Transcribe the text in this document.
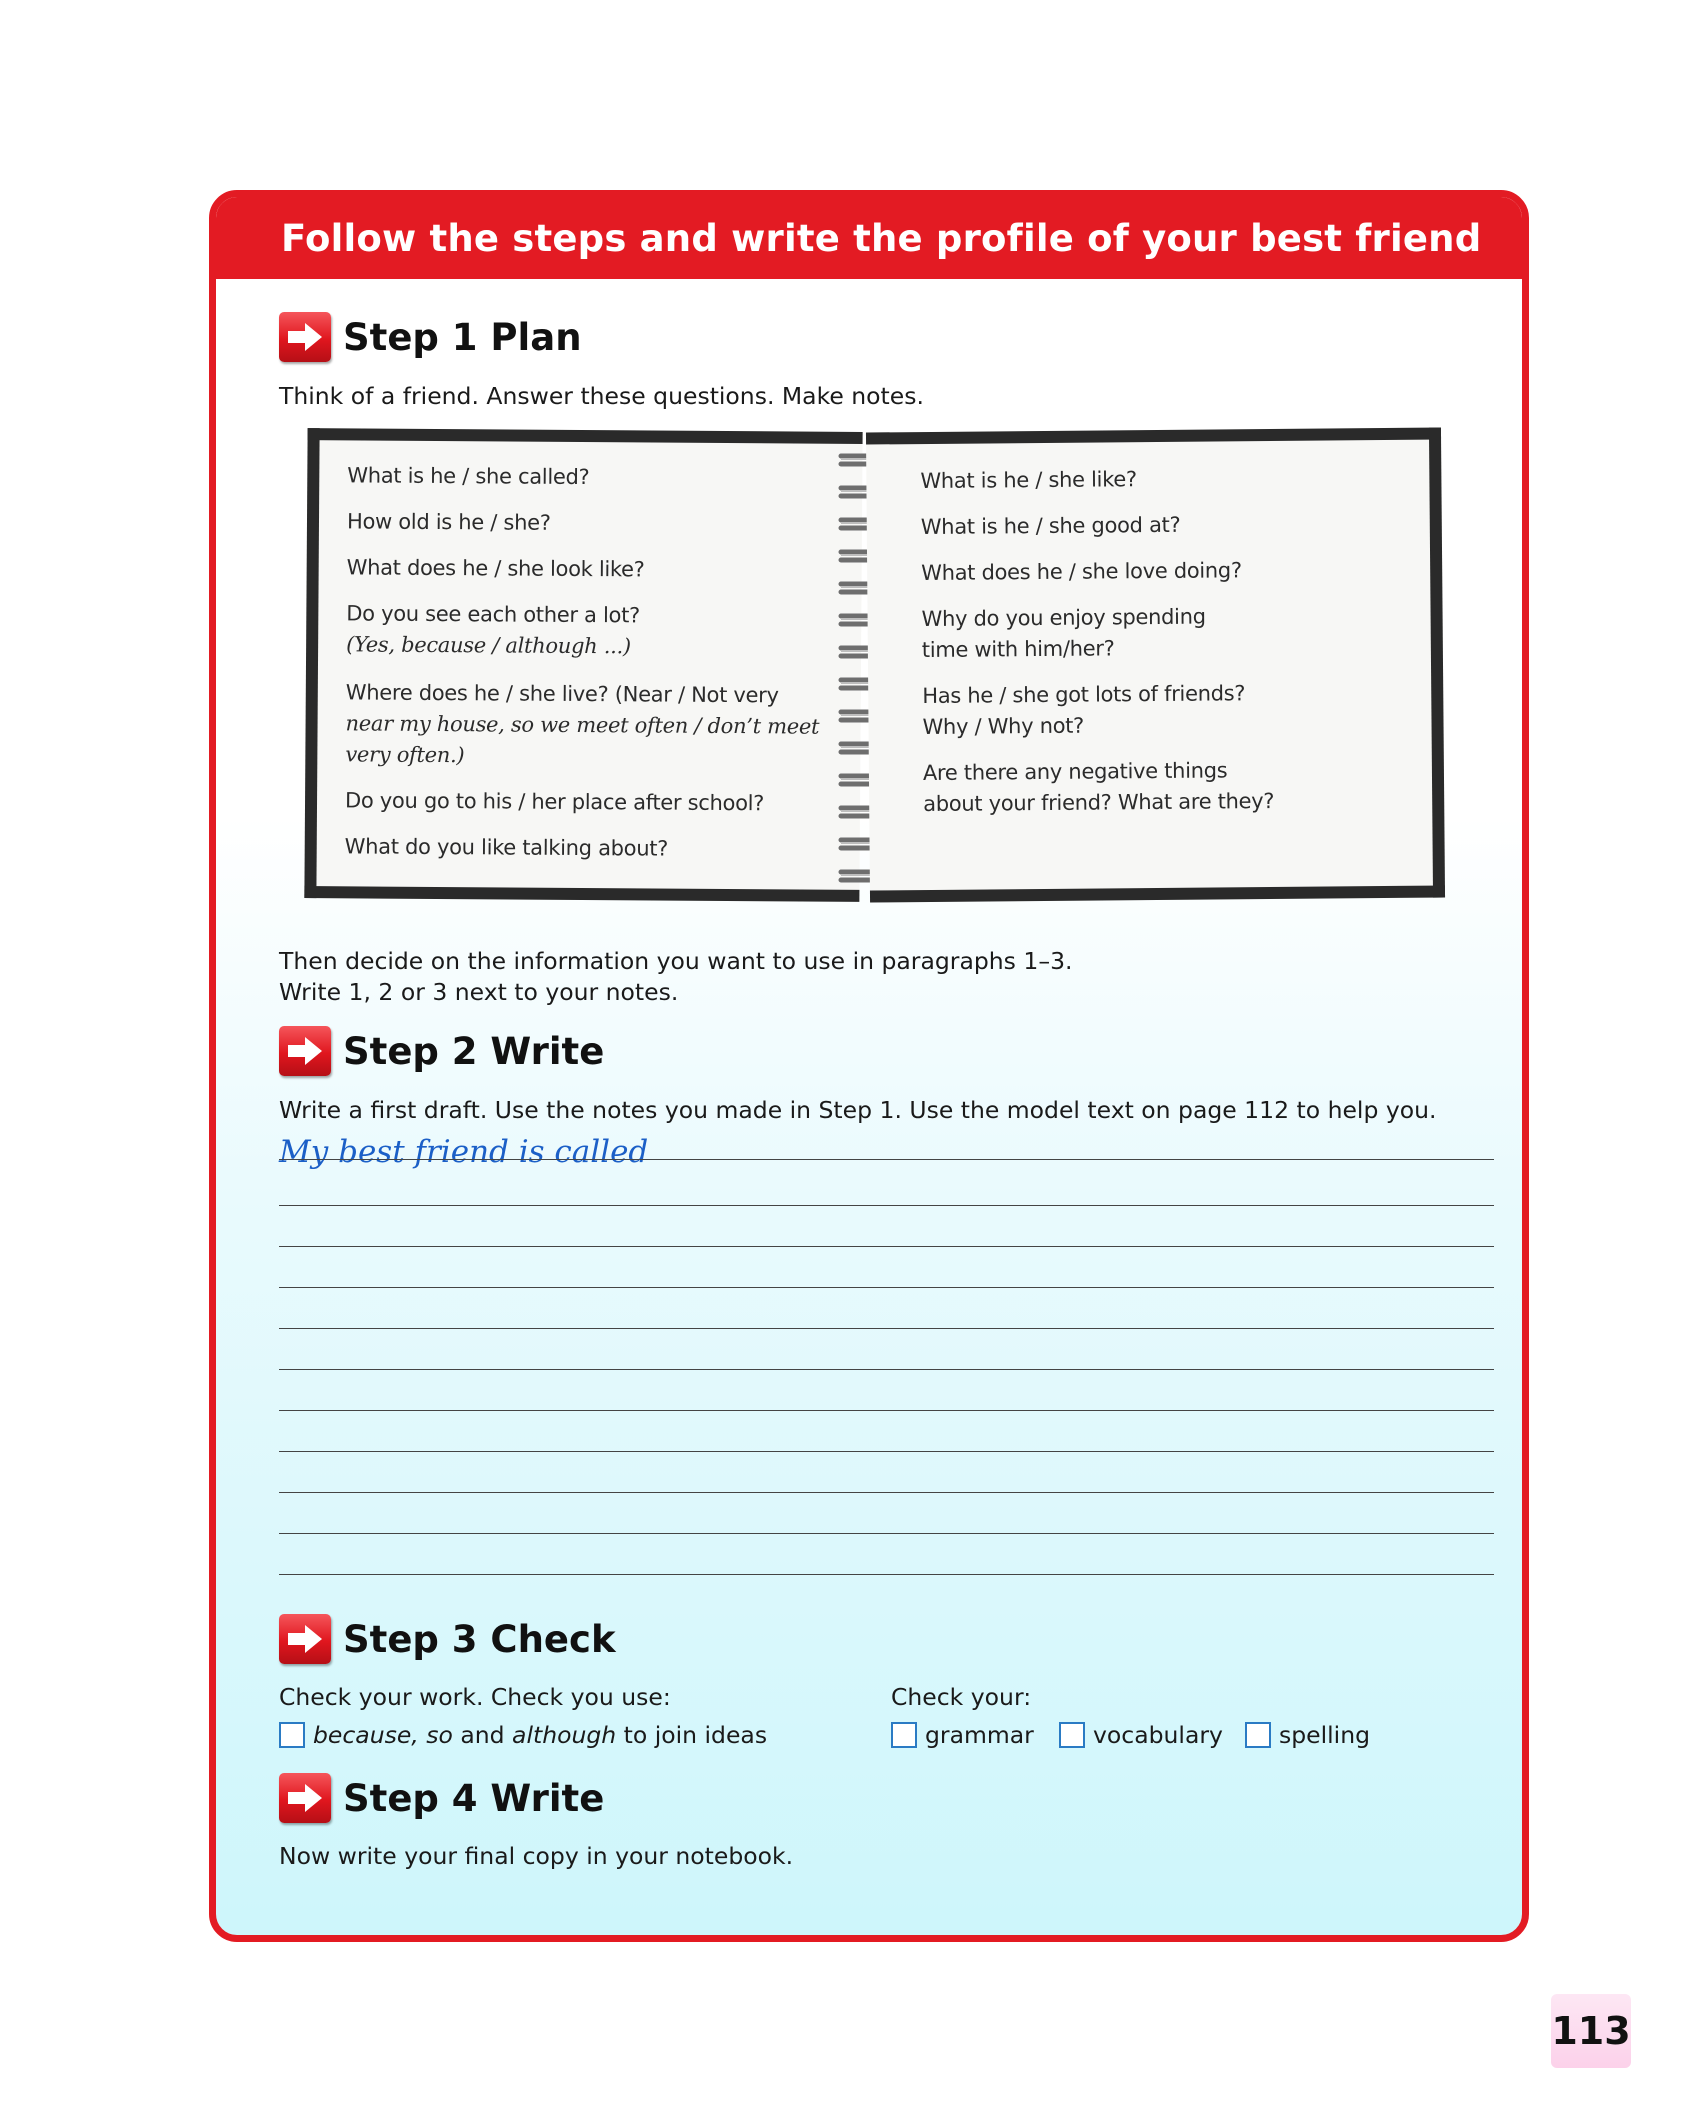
Follow the steps and write the profile of your best friend
Step 1 Plan
Think of a friend. Answer these questions. Make notes.
What is he / she called?
How old is he / she?
What does he / she look like?
Do you see each other a lot?
(Yes, because / although ...)
Where does he / she live? (Near / Not very
near my house, so we meet often / don’t meet
very often.)
Do you go to his / her place after school?
What do you like talking about?
What is he / she like?
What is he / she good at?
What does he / she love doing?
Why do you enjoy spending
time with him/her?
Has he / she got lots of friends?
Why / Why not?
Are there any negative things
about your friend? What are they?
Then decide on the information you want to use in paragraphs 1–3.
Write 1, 2 or 3 next to your notes.
Step 2 Write
Write a first draft. Use the notes you made in Step 1. Use the model text on page 112 to help you.
My best friend is called
Step 3 Check
Check your work. Check you use:
because, so and although to join ideas
Check your:
grammar	vocabulary	spelling
Step 4 Write
Now write your final copy in your notebook.
113
